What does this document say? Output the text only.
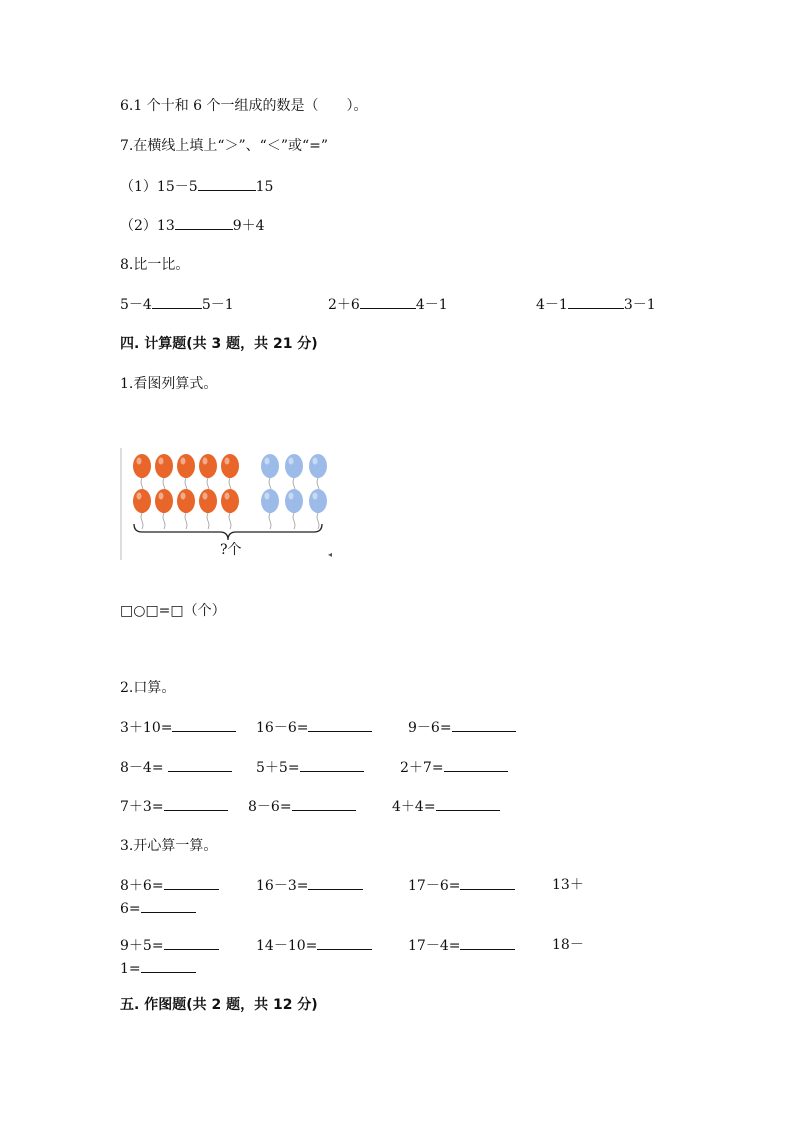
6.1 个十和 6 个一组成的数是（　　）。
7.在横线上填上“＞”、“＜”或“=”
（1）15－5	15
（2）13	9＋4
8.比一比。
5－4	5－1	2＋6	4－1	4－1	3－1
四. 计算题(共 3 题，共 21 分)
1.看图列算式。
◂
?个
□○□=□（个）
2.口算。
3＋10=	16－6=	9－6=
8－4=	5＋5=	2＋7=
7＋3=	8－6=	4＋4=
3.开心算一算。
8＋6=	16－3=	17－6=	13＋
6=
9＋5=	14－10=	17－4=	18－
1=
五. 作图题(共 2 题，共 12 分)
